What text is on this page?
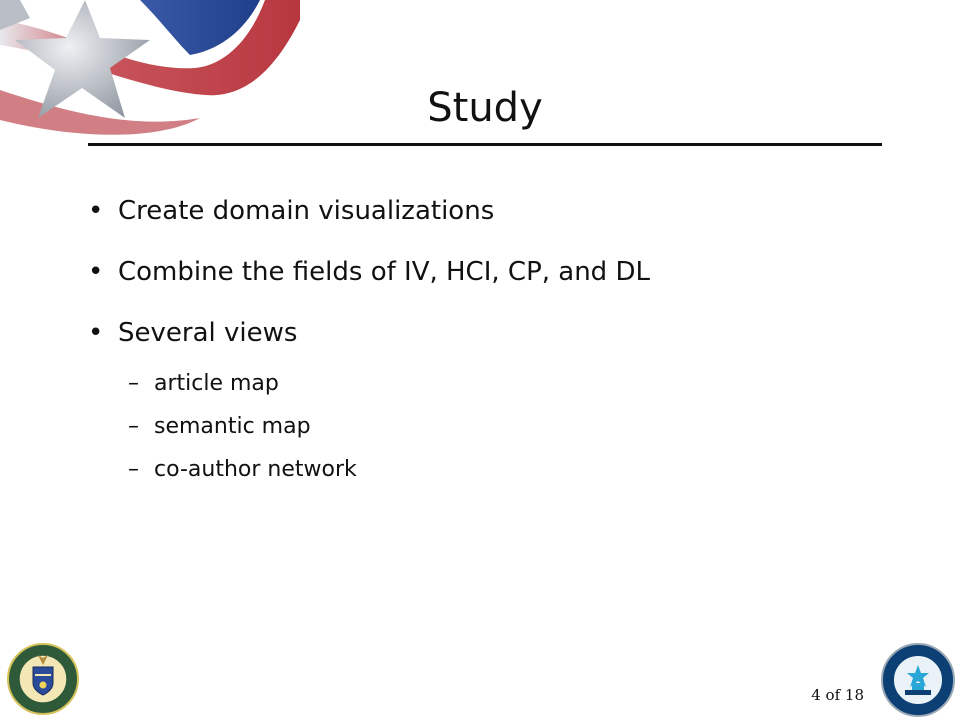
Study
• Create domain visualizations
• Combine the fields of IV, HCI, CP, and DL
• Several views
– article map
– semantic map
– co-author network
4 of 18
